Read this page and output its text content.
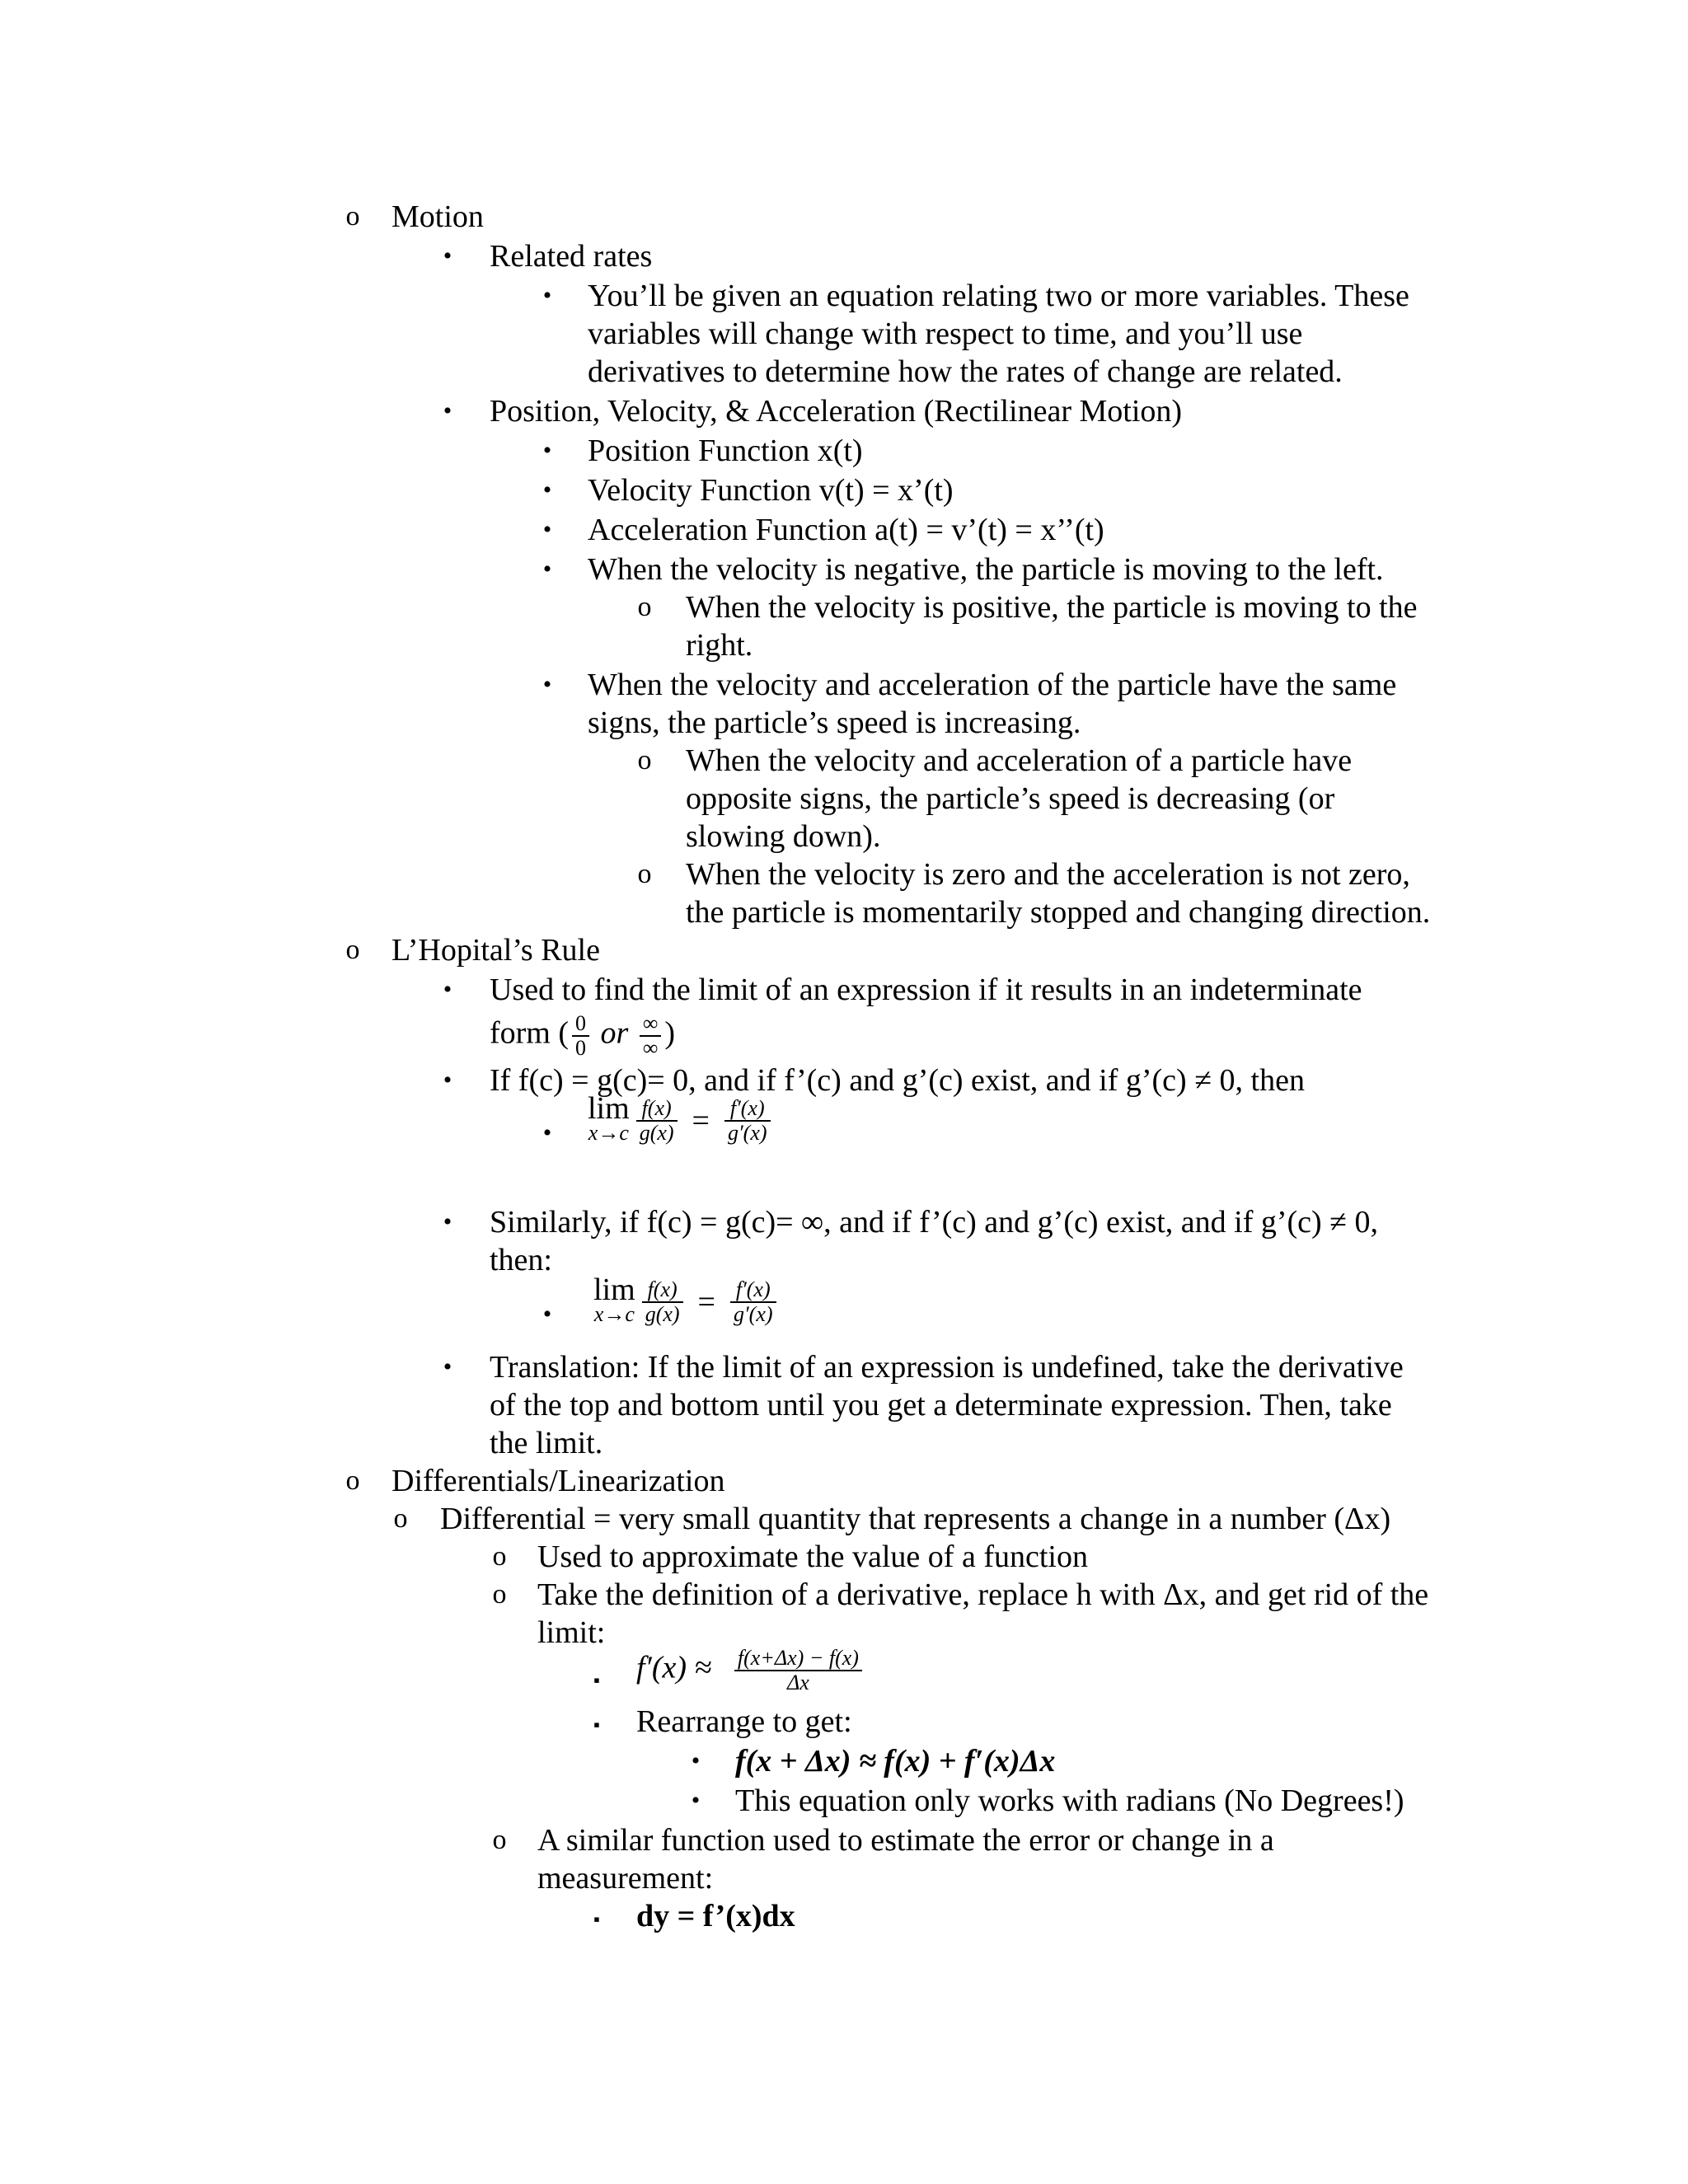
o	Motion
•	Related rates
•	You’ll be given an equation relating two or more variables. These
variables will change with respect to time, and you’ll use
derivatives to determine how the rates of change are related.
•	Position, Velocity, & Acceleration (Rectilinear Motion)
•	Position Function x(t)
•	Velocity Function v(t) = x’(t)
•	Acceleration Function a(t) = v’(t) = x’’(t)
•	When the velocity is negative, the particle is moving to the left.
o	When the velocity is positive, the particle is moving to the
right.
•	When the velocity and acceleration of the particle have the same
signs, the particle’s speed is increasing.
o	When the velocity and acceleration of a particle have
opposite signs, the particle’s speed is decreasing (or
slowing down).
o	When the velocity is zero and the acceleration is not zero,
the particle is momentarily stopped and changing direction.
o	L’Hopital’s Rule
•	Used to find the limit of an expression if it results in an indeterminate
form ( $\frac{0}{0}$ or $\frac{\infty}{\infty}$ )
•	If f(c) = g(c)= 0, and if f’(c) and g’(c) exist, and if g’(c) ≠ 0, then
•
lim
$x\to c \frac{f(x)}{g(x)} = \frac{f'(x)}{g'(x)}$
•	Similarly, if f(c) = g(c)= ∞, and if f’(c) and g’(c) exist, and if g’(c) ≠ 0,
then:
•
lim
$x\to c \frac{f(x)}{g(x)} = \frac{f'(x)}{g'(x)}$
•	Translation: If the limit of an expression is undefined, take the derivative
of the top and bottom until you get a determinate expression. Then, take
the limit.
o	Differentials/Linearization
o	Differential = very small quantity that represents a change in a number (Δx)
o Used to approximate the value of a function
o Take the definition of a derivative, replace h with Δx, and get rid of the
limit:
▪	$f'(x) \approx \frac{f(x+\Delta x) - f(x)}{\Delta x}$
▪	Rearrange to get:
•	f(x + Δx) ≈ f(x) + f′(x)Δx
•	This equation only works with radians (No Degrees!)
o A similar function used to estimate the error or change in a
measurement:
▪	dy = f’(x)dx
